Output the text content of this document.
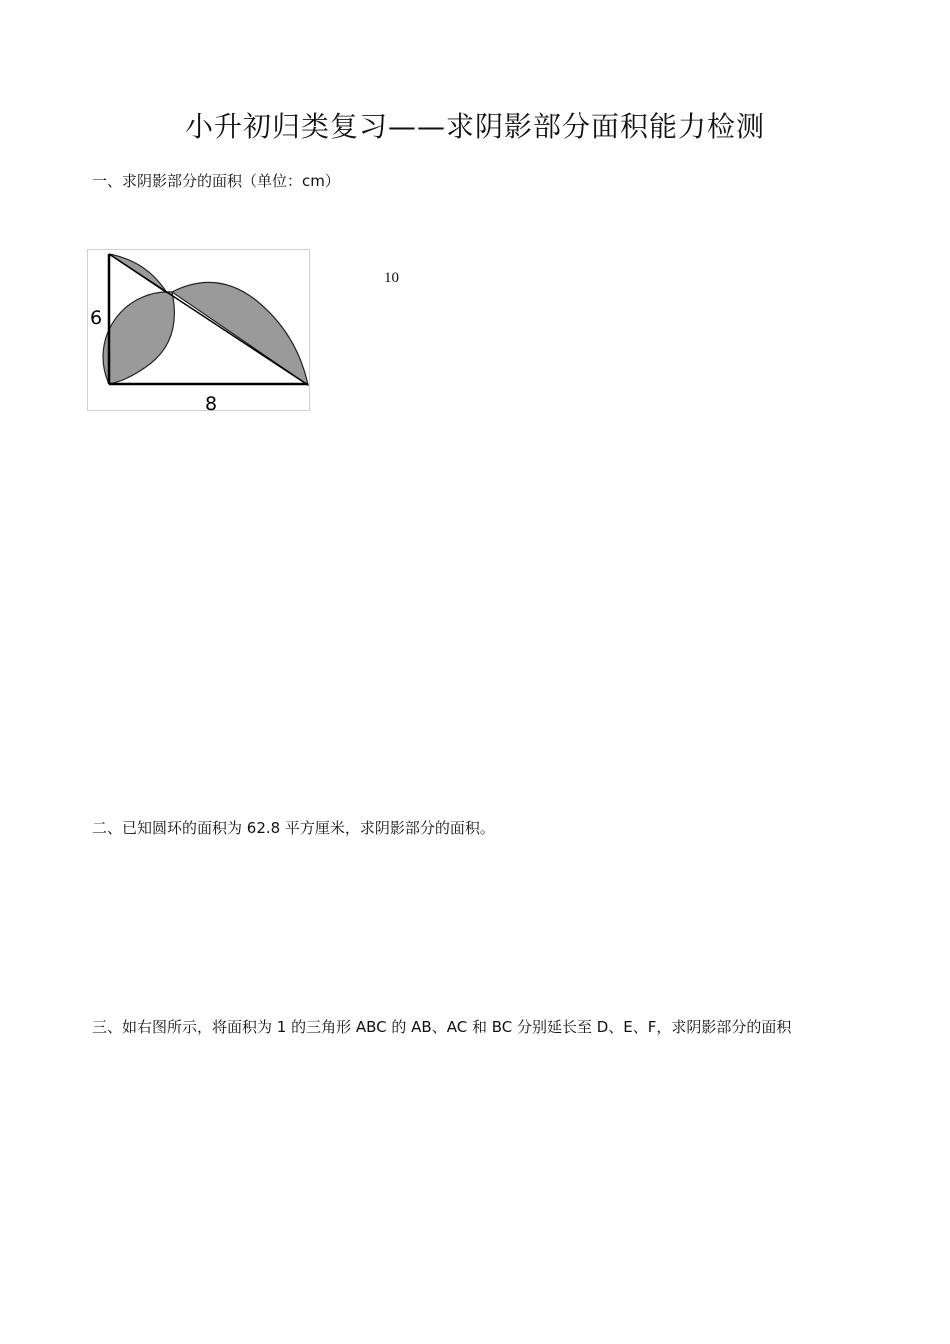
小升初归类复习——求阴影部分面积能力检测
一、求阴影部分的面积（单位：cm）
6
8
10
二、已知圆环的面积为 62.8 平方厘米，求阴影部分的面积。
三、如右图所示，将面积为 1 的三角形 ABC 的 AB、AC 和 BC 分别延长至 D、E、F，求阴影部分的面积
